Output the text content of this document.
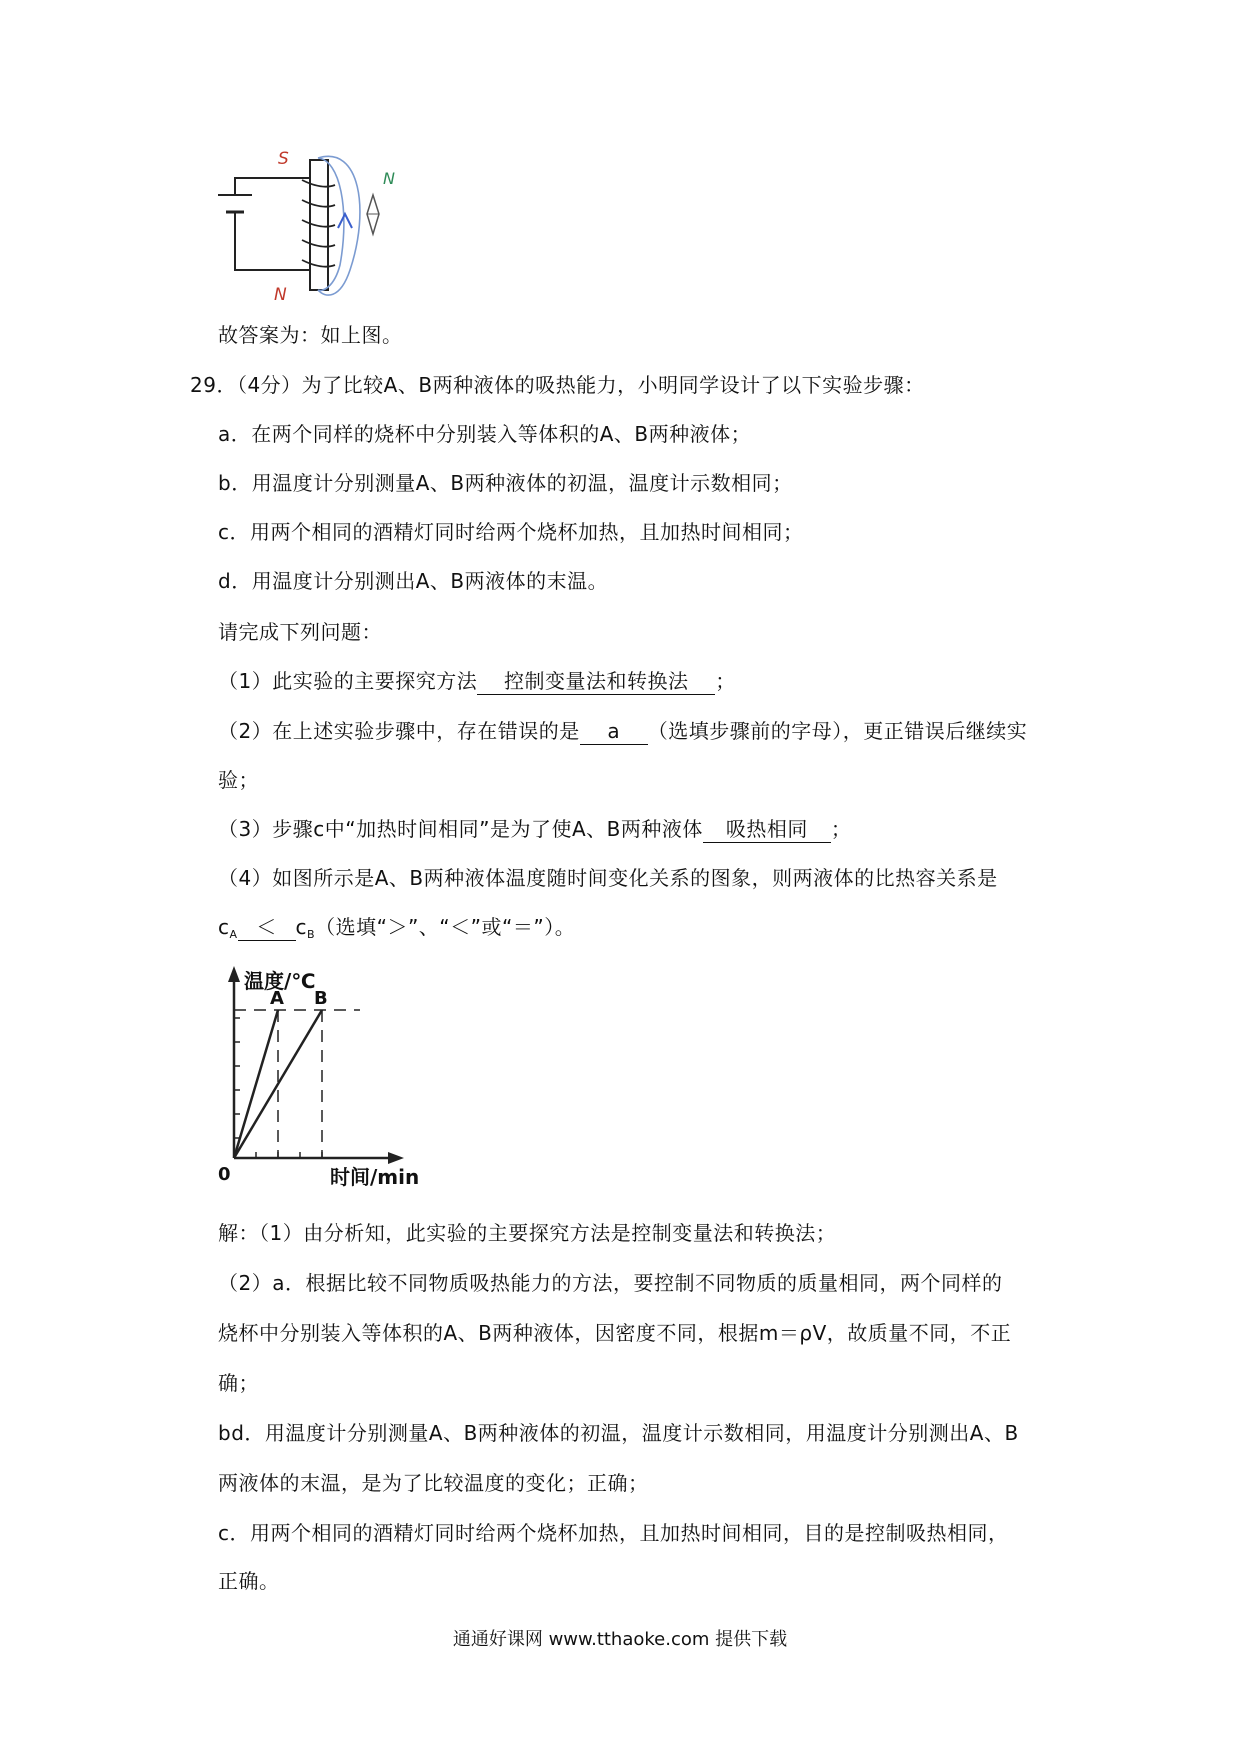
S
N
N
故答案为：如上图。
29．（4分）为了比较A、B两种液体的吸热能力，小明同学设计了以下实验步骤：
a．在两个同样的烧杯中分别装入等体积的A、B两种液体；
b．用温度计分别测量A、B两种液体的初温，温度计示数相同；
c．用两个相同的酒精灯同时给两个烧杯加热，且加热时间相同；
d．用温度计分别测出A、B两液体的末温。
请完成下列问题：
（1）此实验的主要探究方法 控制变量法和转换法 ；
（2）在上述实验步骤中，存在错误的是 a （选填步骤前的字母），更正错误后继续实
验；
（3）步骤c中“加热时间相同”是为了使A、B两种液体 吸热相同 ；
（4）如图所示是A、B两种液体温度随时间变化关系的图象，则两液体的比热容关系是
$c_A < c_B$（选填“＞”、“＜”或“＝”）。
温度/℃
A B
0	时间/min
解：（1）由分析知，此实验的主要探究方法是控制变量法和转换法；
（2）a．根据比较不同物质吸热能力的方法，要控制不同物质的质量相同，两个同样的
烧杯中分别装入等体积的A、B两种液体，因密度不同，根据m＝ρV，故质量不同，不正
确；
bd．用温度计分别测量A、B两种液体的初温，温度计示数相同，用温度计分别测出A、B
两液体的末温，是为了比较温度的变化；正确；
c．用两个相同的酒精灯同时给两个烧杯加热，且加热时间相同，目的是控制吸热相同，
正确。
通通好课网 www.tthaoke.com 提供下载
